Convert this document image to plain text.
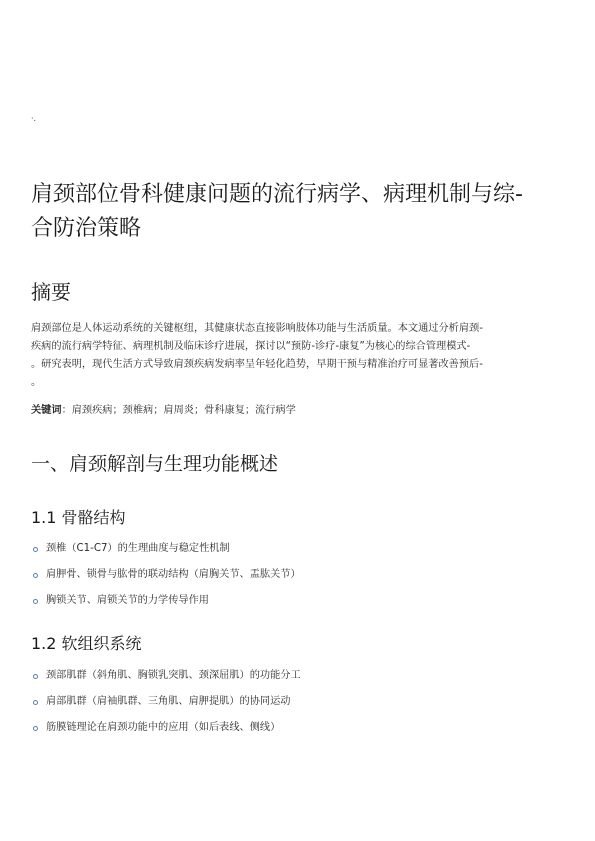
·.
肩颈部位骨科健康问题的流行病学、病理机制与综-
合防治策略
摘要

肩颈部位是人体运动系统的关键枢纽，其健康状态直接影响肢体功能与生活质量。本文通过分析肩颈-
疾病的流行病学特征、病理机制及临床诊疗进展，探讨以“预防-诊疗-康复”为核心的综合管理模式-
。研究表明，现代生活方式导致肩颈疾病发病率呈年轻化趋势，早期干预与精准治疗可显著改善预后-
。

关键词：肩颈疾病；颈椎病；肩周炎；骨科康复；流行病学

一、肩颈解剖与生理功能概述
1.1 骨骼结构
颈椎（C1-C7）的生理曲度与稳定性机制
肩胛骨、锁骨与肱骨的联动结构（肩胸关节、盂肱关节）
胸锁关节、肩锁关节的力学传导作用
1.2 软组织系统
颈部肌群（斜角肌、胸锁乳突肌、颈深屈肌）的功能分工
肩部肌群（肩袖肌群、三角肌、肩胛提肌）的协同运动
筋膜链理论在肩颈功能中的应用（如后表线、侧线）
